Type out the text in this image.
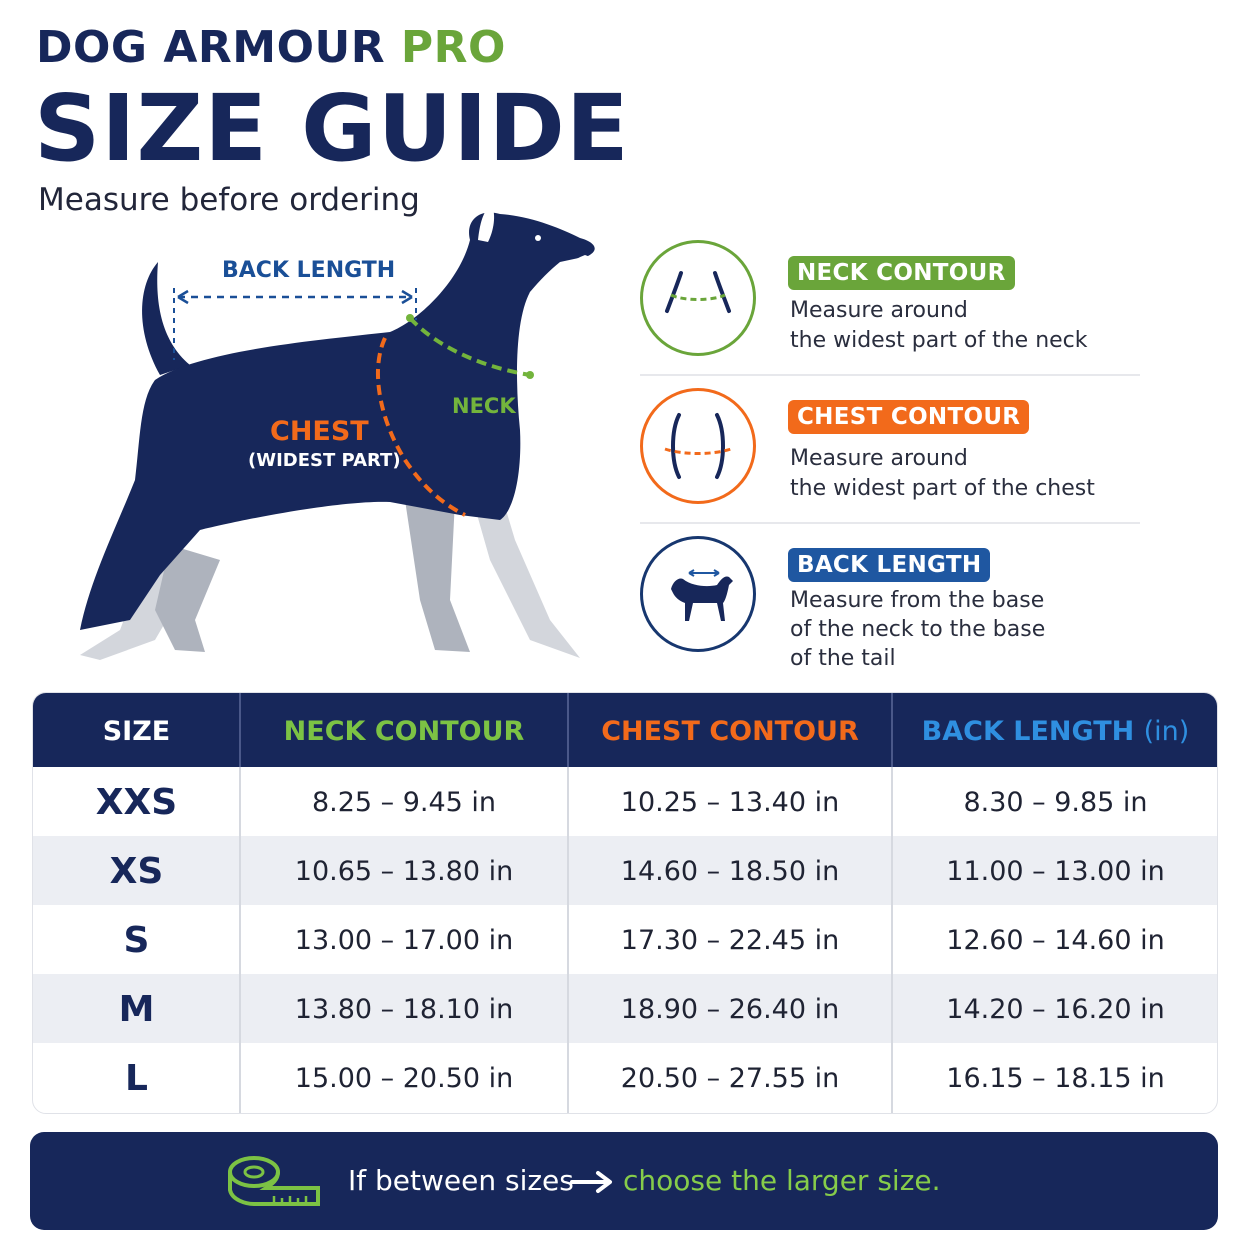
DOG ARMOUR PRO
SIZE GUIDE
Measure before ordering
BACK LENGTH
NECK
CHEST
(WIDEST PART)
NECK CONTOUR
Measure around
the widest part of the neck
CHEST CONTOUR
Measure around
the widest part of the chest
BACK LENGTH
Measure from the base
of the neck to the base
of the tail
SIZE	NECK CONTOUR	CHEST CONTOUR	BACK LENGTH (in)
XXS	8.25 – 9.45 in	10.25 – 13.40 in	8.30 – 9.85 in
XS	10.65 – 13.80 in	14.60 – 18.50 in	11.00 – 13.00 in
S	13.00 – 17.00 in	17.30 – 22.45 in	12.60 – 14.60 in
M	13.80 – 18.10 in	18.90 – 26.40 in	14.20 – 16.20 in
L	15.00 – 20.50 in	20.50 – 27.55 in	16.15 – 18.15 in
If between sizes choose the larger size.
